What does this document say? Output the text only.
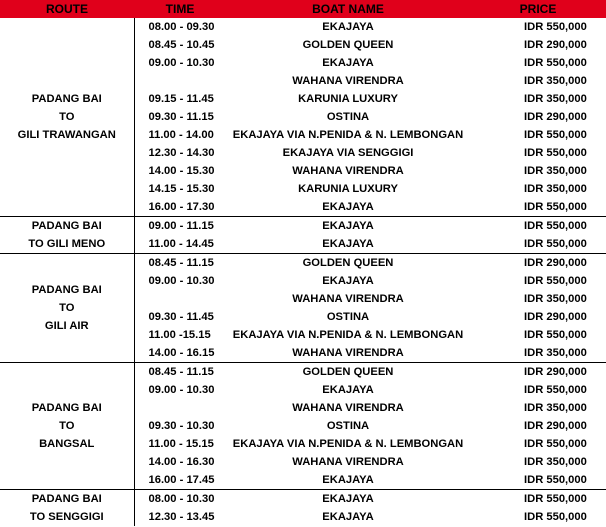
ROUTE	TIME	BOAT NAME	PRICE

PADANG BAI
TO
GILI TRAWANGAN	08.00 - 09.30	EKAJAYA	IDR 550,000
	08.45 - 10.45	GOLDEN QUEEN	IDR 290,000
	09.00 - 10.30	EKAJAYA	IDR 550,000
		WAHANA VIRENDRA	IDR 350,000
	09.15 - 11.45	KARUNIA LUXURY	IDR 350,000
	09.30 - 11.15	OSTINA	IDR 290,000
	11.00 - 14.00	EKAJAYA VIA N.PENIDA & N. LEMBONGAN	IDR 550,000
	12.30 - 14.30	EKAJAYA VIA SENGGIGI	IDR 550,000
	14.00 - 15.30	WAHANA VIRENDRA	IDR 350,000
	14.15 - 15.30	KARUNIA LUXURY	IDR 350,000
	16.00 - 17.30	EKAJAYA	IDR 550,000

PADANG BAI
TO GILI MENO	09.00 - 11.15	EKAJAYA	IDR 550,000
	11.00 - 14.45	EKAJAYA	IDR 550,000

PADANG BAI
TO
GILI AIR	08.45 - 11.15	GOLDEN QUEEN	IDR 290,000
	09.00 - 10.30	EKAJAYA	IDR 550,000
		WAHANA VIRENDRA	IDR 350,000
	09.30 - 11.45	OSTINA	IDR 290,000
	11.00 -15.15	EKAJAYA VIA N.PENIDA & N. LEMBONGAN	IDR 550,000
	14.00 - 16.15	WAHANA VIRENDRA	IDR 350,000

PADANG BAI
TO
BANGSAL	08.45 - 11.15	GOLDEN QUEEN	IDR 290,000
	09.00 - 10.30	EKAJAYA	IDR 550,000
		WAHANA VIRENDRA	IDR 350,000
	09.30 - 10.30	OSTINA	IDR 290,000
	11.00 - 15.15	EKAJAYA VIA N.PENIDA & N. LEMBONGAN	IDR 550,000
	14.00 - 16.30	WAHANA VIRENDRA	IDR 350,000
	16.00 - 17.45	EKAJAYA	IDR 550,000

PADANG BAI
TO SENGGIGI	08.00 - 10.30	EKAJAYA	IDR 550,000
	12.30 - 13.45	EKAJAYA	IDR 550,000
